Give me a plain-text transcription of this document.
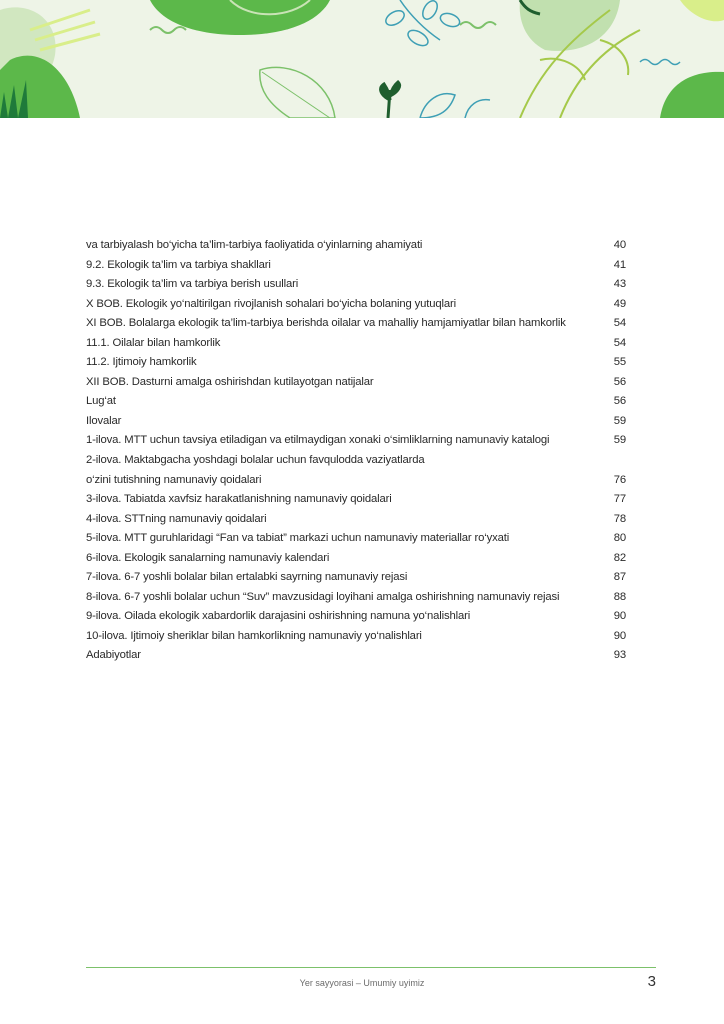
va tarbiyalash bo‘yicha ta’lim-tarbiya faoliyatida o‘yinlarning ahamiyati	40
9.2. Ekologik ta’lim va tarbiya shakllari	41
9.3. Ekologik ta’lim va tarbiya berish usullari	43
X BOB. Ekologik yo‘naltirilgan rivojlanish sohalari bo‘yicha bolaning yutuqlari	49
XI BOB. Bolalarga ekologik ta’lim-tarbiya berishda oilalar va mahalliy hamjamiyatlar bilan hamkorlik	54
11.1. Oilalar bilan hamkorlik	54
11.2. Ijtimoiy hamkorlik	55
XII BOB. Dasturni amalga oshirishdan kutilayotgan natijalar	56
Lug‘at	56
Ilovalar	59
1-ilova. MTT uchun tavsiya etiladigan va etilmaydigan xonaki o‘simliklarning namunaviy katalogi	59
2-ilova. Maktabgacha yoshdagi bolalar uchun favqulodda vaziyatlarda
o‘zini tutishning namunaviy qoidalari	76
3-ilova. Tabiatda xavfsiz harakatlanishning namunaviy qoidalari	77
4-ilova. STTning namunaviy qoidalari	78
5-ilova. MTT guruhlaridagi “Fan va tabiat” markazi uchun namunaviy materiallar ro‘yxati	80
6-ilova. Ekologik sanalarning namunaviy kalendari	82
7-ilova. 6-7 yoshli bolalar bilan ertalabki sayrning namunaviy rejasi	87
8-ilova. 6-7 yoshli bolalar uchun “Suv” mavzusidagi loyihani amalga oshirishning namunaviy rejasi	88
9-ilova. Oilada ekologik xabardorlik darajasini oshirishning namuna yo‘nalishlari	90
10-ilova. Ijtimoiy sheriklar bilan hamkorlikning namunaviy yo‘nalishlari	90
Adabiyotlar	93
Yer sayyorasi – Umumiy uyimiz	3
